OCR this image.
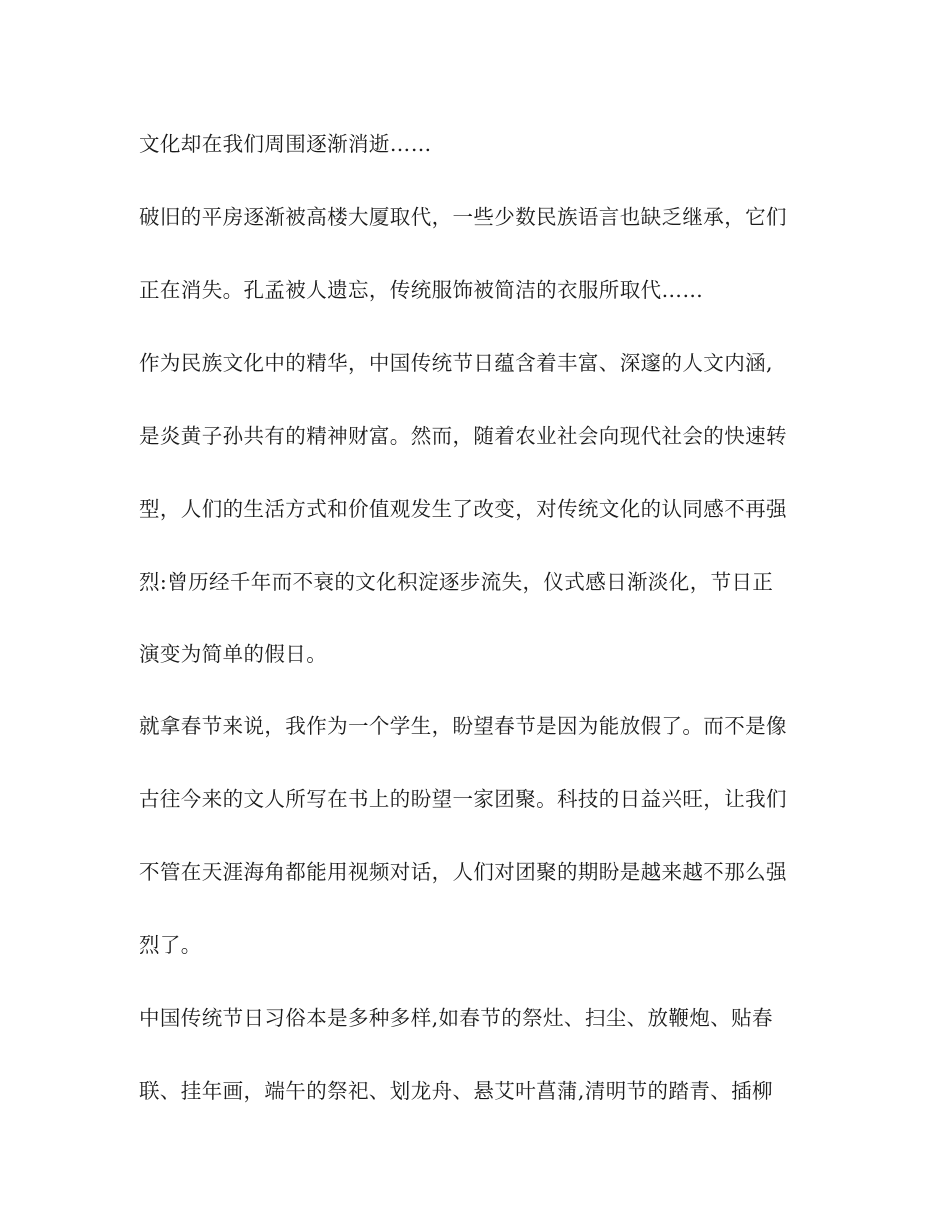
文化却在我们周围逐渐消逝……
破旧的平房逐渐被高楼大厦取代，一些少数民族语言也缺乏继承，它们
正在消失。孔孟被人遗忘，传统服饰被简洁的衣服所取代……
作为民族文化中的精华，中国传统节日蕴含着丰富、深邃的人文内涵,
是炎黄子孙共有的精神财富。然而，随着农业社会向现代社会的快速转
型，人们的生活方式和价值观发生了改变，对传统文化的认同感不再强
烈:曾历经千年而不衰的文化积淀逐步流失，仪式感日渐淡化，节日正
演变为简单的假日。
就拿春节来说，我作为一个学生，盼望春节是因为能放假了。而不是像
古往今来的文人所写在书上的盼望一家团聚。科技的日益兴旺，让我们
不管在天涯海角都能用视频对话，人们对团聚的期盼是越来越不那么强
烈了。
中国传统节日习俗本是多种多样,如春节的祭灶、扫尘、放鞭炮、贴春
联、挂年画，端午的祭祀、划龙舟、悬艾叶菖蒲,清明节的踏青、插柳
